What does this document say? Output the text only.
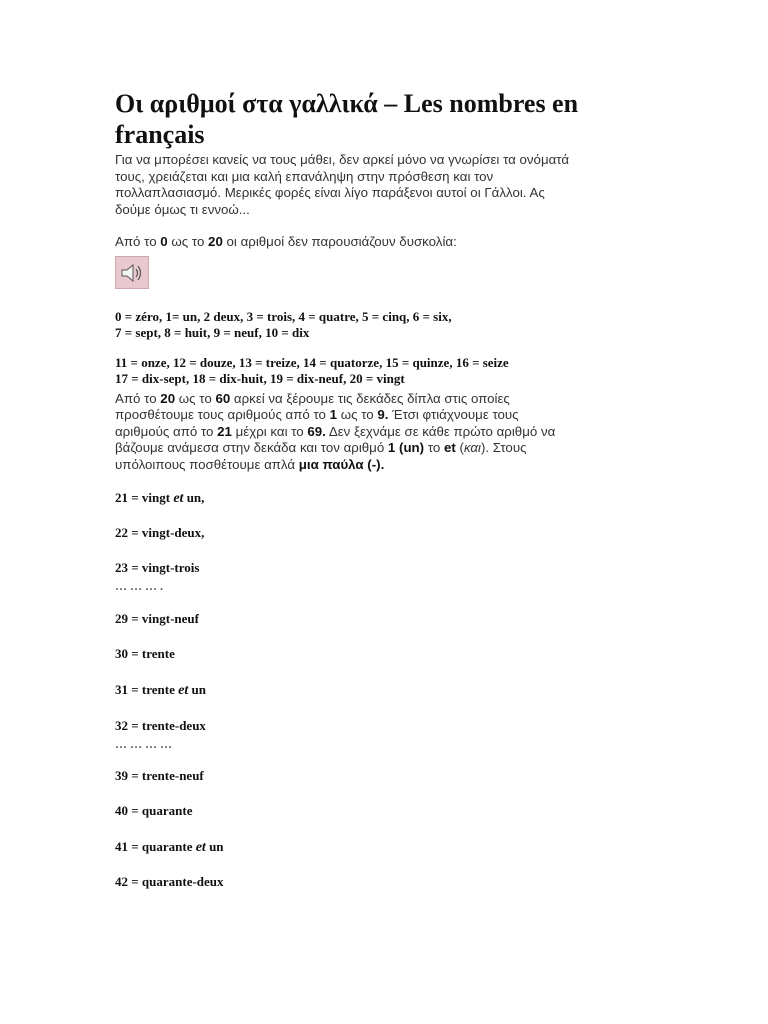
Οι αριθμοί στα γαλλικά – Les nombres en français
Για να μπορέσει κανείς να τους μάθει, δεν αρκεί μόνο να γνωρίσει τα ονόματά
τους, χρειάζεται και μια καλή επανάληψη στην πρόσθεση και τον
πολλαπλασιασμό. Μερικές φορές είναι λίγο παράξενοι αυτοί οι Γάλλοι. Ας
δούμε όμως τι εννοώ...
Από το 0 ως το 20 οι αριθμοί δεν παρουσιάζουν δυσκολία:
0 = zéro, 1= un, 2 deux, 3 = trois, 4 = quatre, 5 = cinq, 6 = six,
7 = sept, 8 = huit, 9 = neuf, 10 = dix
11 = onze, 12 = douze, 13 = treize, 14 = quatorze, 15 = quinze, 16 = seize
17 = dix-sept, 18 = dix-huit, 19 = dix-neuf, 20 = vingt
Από το 20 ως το 60 αρκεί να ξέρουμε τις δεκάδες δίπλα στις οποίες
προσθέτουμε τους αριθμούς από το 1 ως το 9. Έτσι φτιάχνουμε τους
αριθμούς από το 21 μέχρι και το 69. Δεν ξεχνάμε σε κάθε πρώτο αριθμό να
βάζουμε ανάμεσα στην δεκάδα και τον αριθμό 1 (un) το et (και). Στους
υπόλοιπους ποσθέτουμε απλά μια παύλα (-).
21 = vingt et un,
22 = vingt-deux,
23 = vingt-trois
… … … .
29 = vingt-neuf
30 = trente
31 = trente et un
32 = trente-deux
… … … …
39 = trente-neuf
40 = quarante
41 = quarante et un
42 = quarante-deux
